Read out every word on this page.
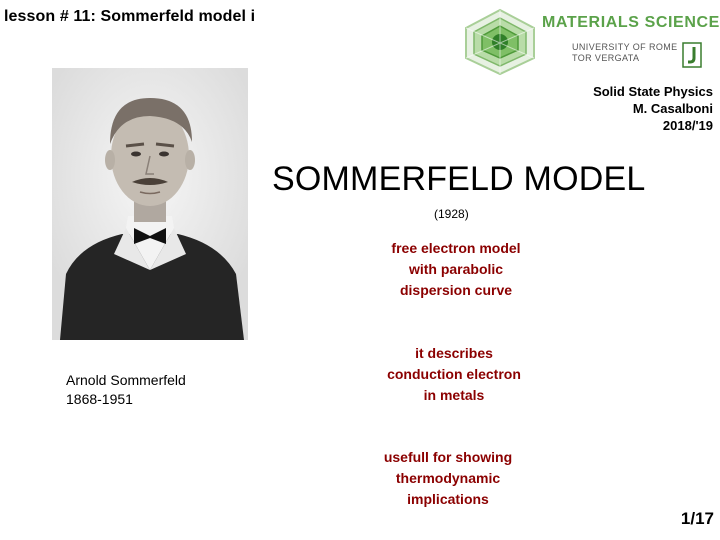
lesson # 11: Sommerfeld model i	MATERIALS SCIENCE
UNIVERSITY OF ROME
TOR VERGATA
Solid State Physics
M. Casalboni
2018/'19
Arnold Sommerfeld
1868-1951
SOMMERFELD MODEL
(1928)
free electron model
with parabolic
dispersion curve
it describes
conduction electron
in metals
usefull for showing
thermodynamic
implications
1/17
